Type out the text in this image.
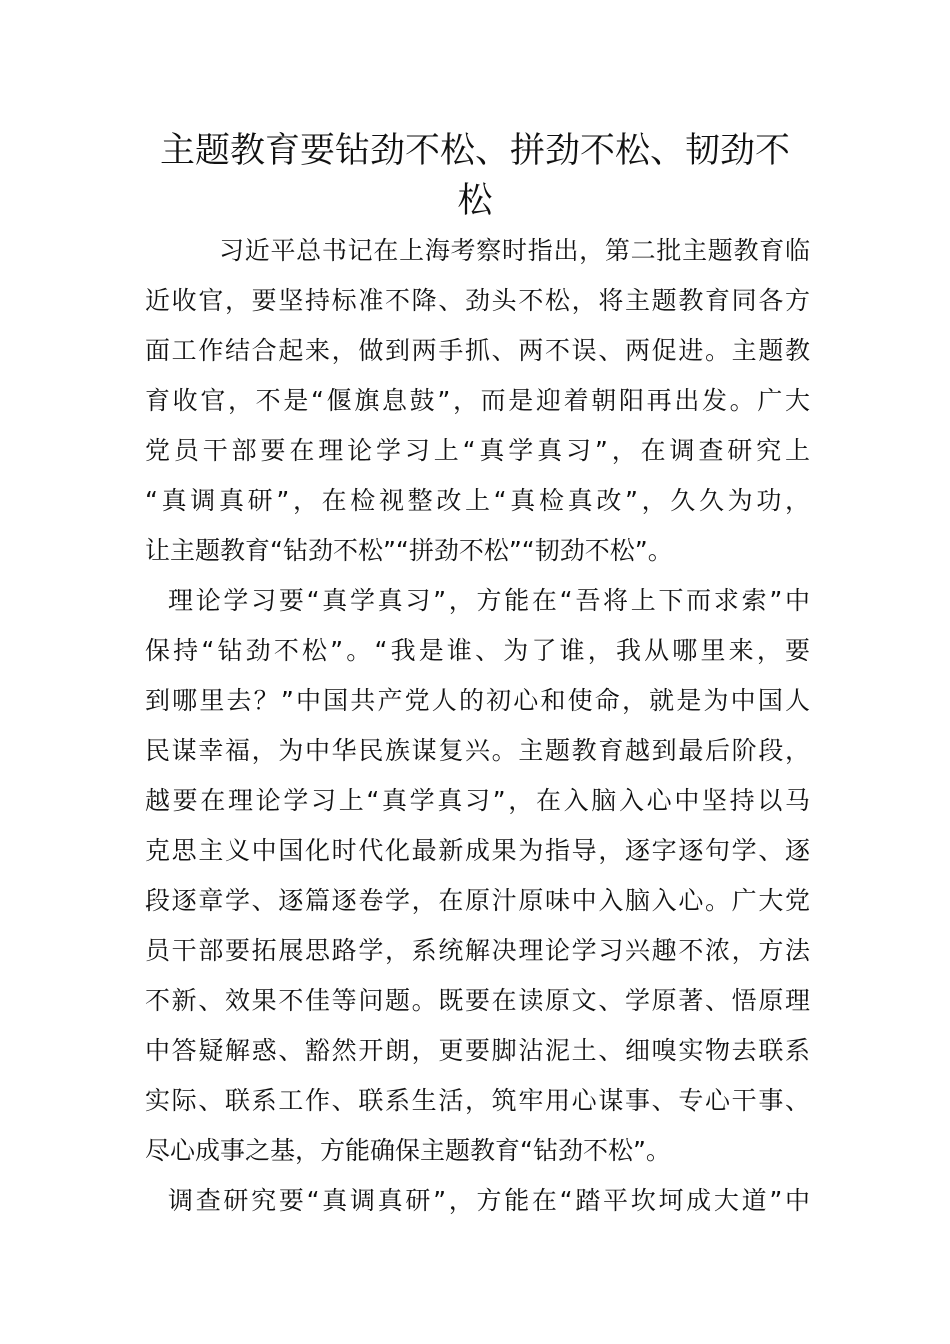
主题教育要钻劲不松、拼劲不松、韧劲不
松
习近平总书记在上海考察时指出，第二批主题教育临
近收官，要坚持标准不降、劲头不松，将主题教育同各方
面工作结合起来，做到两手抓、两不误、两促进。主题教
育收官，不是“偃旗息鼓”，而是迎着朝阳再出发。广大
党员干部要在理论学习上“真学真习”，在调查研究上
“真调真研”，在检视整改上“真检真改”，久久为功，
让主题教育“钻劲不松”“拼劲不松”“韧劲不松”。
理论学习要“真学真习”，方能在“吾将上下而求索”中
保持“钻劲不松”。“我是谁、为了谁，我从哪里来，要
到哪里去？”中国共产党人的初心和使命，就是为中国人
民谋幸福，为中华民族谋复兴。主题教育越到最后阶段，
越要在理论学习上“真学真习”，在入脑入心中坚持以马
克思主义中国化时代化最新成果为指导，逐字逐句学、逐
段逐章学、逐篇逐卷学，在原汁原味中入脑入心。广大党
员干部要拓展思路学，系统解决理论学习兴趣不浓，方法
不新、效果不佳等问题。既要在读原文、学原著、悟原理
中答疑解惑、豁然开朗，更要脚沾泥土、细嗅实物去联系
实际、联系工作、联系生活，筑牢用心谋事、专心干事、
尽心成事之基，方能确保主题教育“钻劲不松”。
调查研究要“真调真研”，方能在“踏平坎坷成大道”中
